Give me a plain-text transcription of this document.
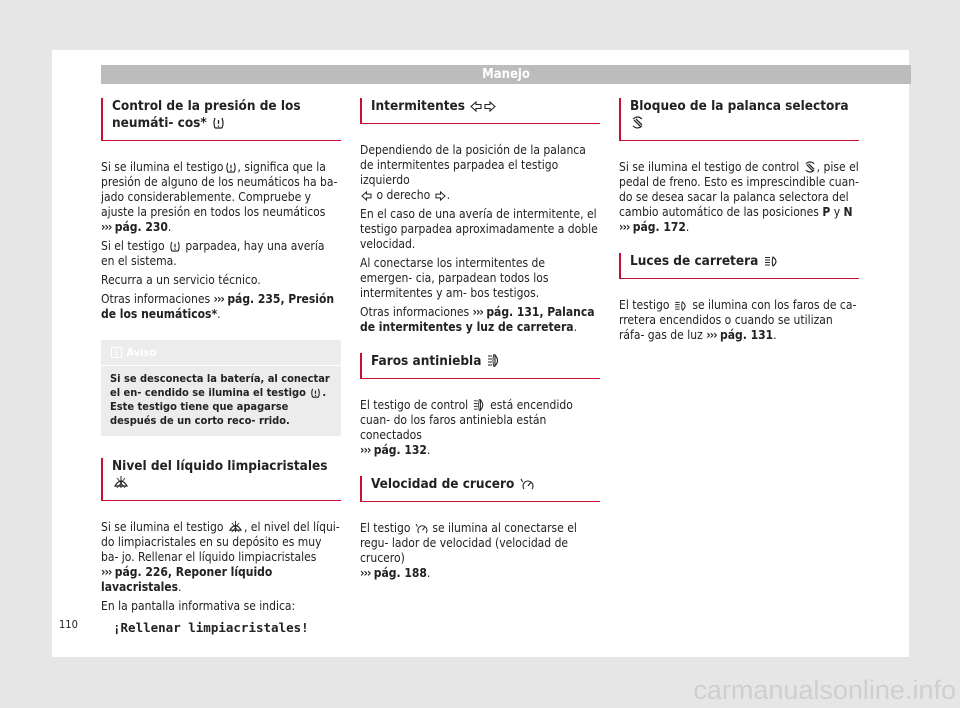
Manejo
Control de la presión de los neumáti- cos*

Si se ilumina el testigo , significa que la presión de alguno de los neumáticos ha ba- jado considerablemente. Compruebe y ajuste la presión en todos los neumáticos
››› pág. 230.

Si el testigo parpadea, hay una avería en el sistema.

Recurra a un servicio técnico.

Otras informaciones ››› pág. 235, Presión de los neumáticos*.

Aviso
Si se desconecta la batería, al conectar el en- cendido se ilumina el testigo . Este testigo tiene que apagarse después de un corto reco- rrido.
Nivel del líquido limpiacristales

Si se ilumina el testigo , el nivel del líqui- do limpiacristales en su depósito es muy ba- jo. Rellenar el líquido limpiacristales
››› pág. 226, Reponer líquido lavacristales.

En la pantalla informativa se indica:

¡Rellenar limpiacristales!
Intermitentes

Dependiendo de la posición de la palanca de intermitentes parpadea el testigo izquierdo
o derecho .

En el caso de una avería de intermitente, el testigo parpadea aproximadamente a doble velocidad.

Al conectarse los intermitentes de emergen- cia, parpadean todos los intermitentes y am- bos testigos.

Otras informaciones ››› pág. 131, Palanca de intermitentes y luz de carretera.

Faros antiniebla

El testigo de control está encendido cuan- do los faros antiniebla están conectados
››› pág. 132.

Velocidad de crucero

El testigo se ilumina al conectarse el regu- lador de velocidad (velocidad de crucero)
››› pág. 188.

Bloqueo de la palanca selectora

Si se ilumina el testigo de control , pise el pedal de freno. Esto es imprescindible cuan- do se desea sacar la palanca selectora del cambio automático de las posiciones P y N
››› pág. 172.

Luces de carretera

El testigo se ilumina con los faros de ca- rretera encendidos o cuando se utilizan ráfa- gas de luz ››› pág. 131.

110
carmanualsonline.info
